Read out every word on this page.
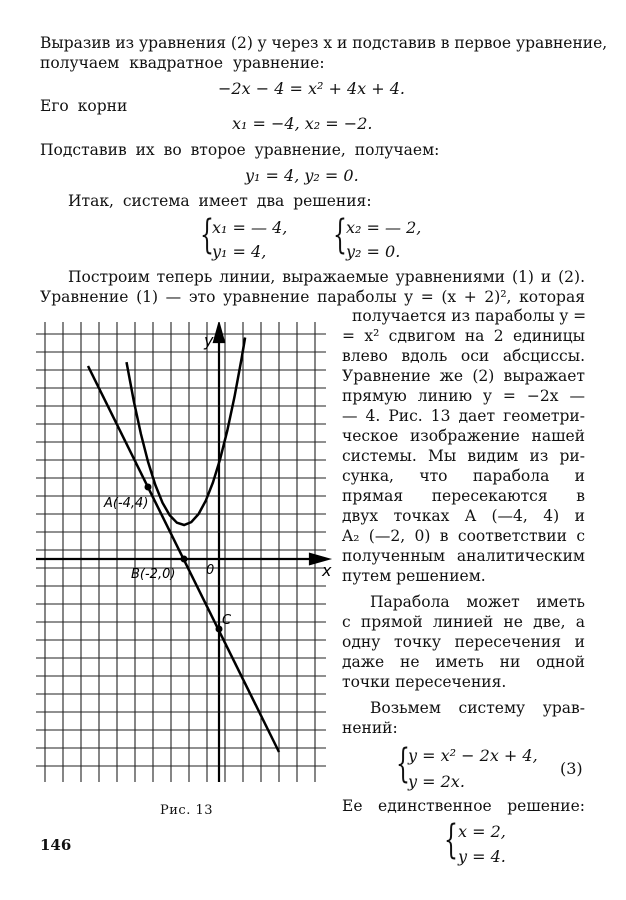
Выразив из уравнения (2) y через x и подставив в первое уравнение,
получаем квадратное уравнение:
−2x − 4 = x² + 4x + 4.
Его корни
x₁ = −4, x₂ = −2.
Подставив их во второе уравнение, получаем:
y₁ = 4, y₂ = 0.
Итак, система имеет два решения:
{
x₁ = — 4,
y₁ = 4, { x₂ = — 2,
y₂ = 0.
Построим теперь линии, выражаемые уравнениями (1) и (2).
Уравнение (1) — это уравнение параболы y = (x + 2)², которая
получается из параболы y =
= x² сдвигом на 2 единицы
влево вдоль оси абсциссы.
Уравнение же (2) выражает
прямую линию y = −2x —
— 4. Рис. 13 дает геометри-
ческое изображение нашей
системы. Мы видим из ри-
сунка, что парабола и
прямая пересекаются в
двух точках A (—4, 4) и
A₂ (—2, 0) в соответствии с
полученным аналитическим
путем решением.
Парабола может иметь
с прямой линией не две, а
одну точку пересечения и
даже не иметь ни одной
точки пересечения.
Возьмем систему урав-
нений:
{
y = x² − 2x + 4,
y = 2x.
(3)
Ее единственное решение:
{ x = 2,
y = 4.
y
x
0
A(-4,4)
B(-2,0)
C
Рис. 13
146
